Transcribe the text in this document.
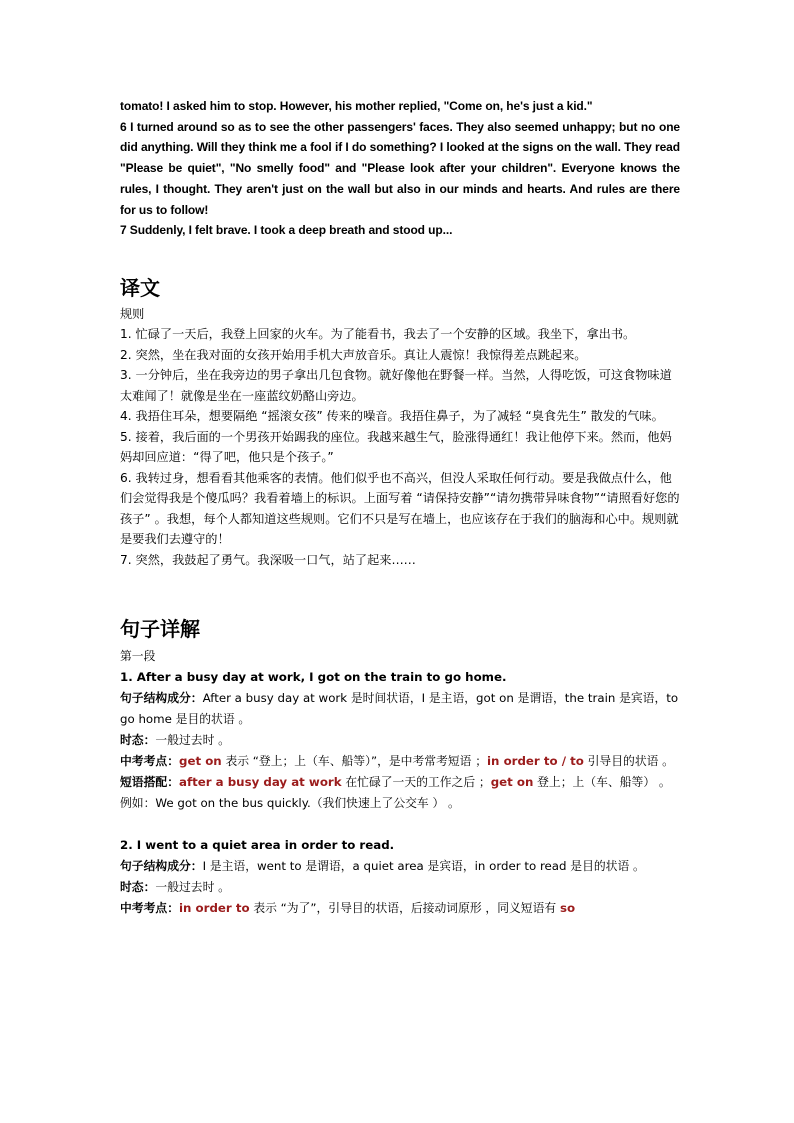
tomato! I asked him to stop. However, his mother replied, "Come on, he's just a kid."

6 I turned around so as to see the other passengers' faces. They also seemed unhappy; but no one did anything. Will they think me a fool if I do something? I looked at the signs on the wall. They read "Please be quiet", "No smelly food" and "Please look after your children". Everyone knows the rules, I thought. They aren't just on the wall but also in our minds and hearts. And rules are there for us to follow!

7 Suddenly, I felt brave. I took a deep breath and stood up...

译文

规则

1. 忙碌了一天后，我登上回家的火车。为了能看书，我去了一个安静的区域。我坐下，拿出书。

2. 突然，坐在我对面的女孩开始用手机大声放音乐。真让人震惊！我惊得差点跳起来。

3. 一分钟后，坐在我旁边的男子拿出几包食物。就好像他在野餐一样。当然，人得吃饭，可这食物味道太难闻了！就像是坐在一座蓝纹奶酪山旁边。

4. 我捂住耳朵，想要隔绝 “摇滚女孩” 传来的噪音。我捂住鼻子，为了减轻 “臭食先生” 散发的气味。

5. 接着，我后面的一个男孩开始踢我的座位。我越来越生气，脸涨得通红！我让他停下来。然而，他妈妈却回应道：“得了吧，他只是个孩子。”

6. 我转过身，想看看其他乘客的表情。他们似乎也不高兴，但没人采取任何行动。要是我做点什么，他们会觉得我是个傻瓜吗？我看着墙上的标识。上面写着 “请保持安静”“请勿携带异味食物”“请照看好您的孩子” 。我想，每个人都知道这些规则。它们不只是写在墙上，也应该存在于我们的脑海和心中。规则就是要我们去遵守的！

7. 突然，我鼓起了勇气。我深吸一口气，站了起来……

句子详解

第一段

1. After a busy day at work, I got on the train to go home.

句子结构成分：After a busy day at work 是时间状语，I 是主语，got on 是谓语，the train 是宾语，to go home 是目的状语 。

时态：一般过去时 。

中考考点：get on 表示 “登上；上（车、船等）”，是中考常考短语 ；in order to / to 引导目的状语 。

短语搭配：after a busy day at work 在忙碌了一天的工作之后 ；get on 登上；上（车、船等） 。例如：We got on the bus quickly.（我们快速上了公交车 ） 。

2. I went to a quiet area in order to read.

句子结构成分：I 是主语，went to 是谓语，a quiet area 是宾语，in order to read 是目的状语 。

时态：一般过去时 。

中考考点：in order to 表示 “为了”，引导目的状语，后接动词原形 ，同义短语有 so
